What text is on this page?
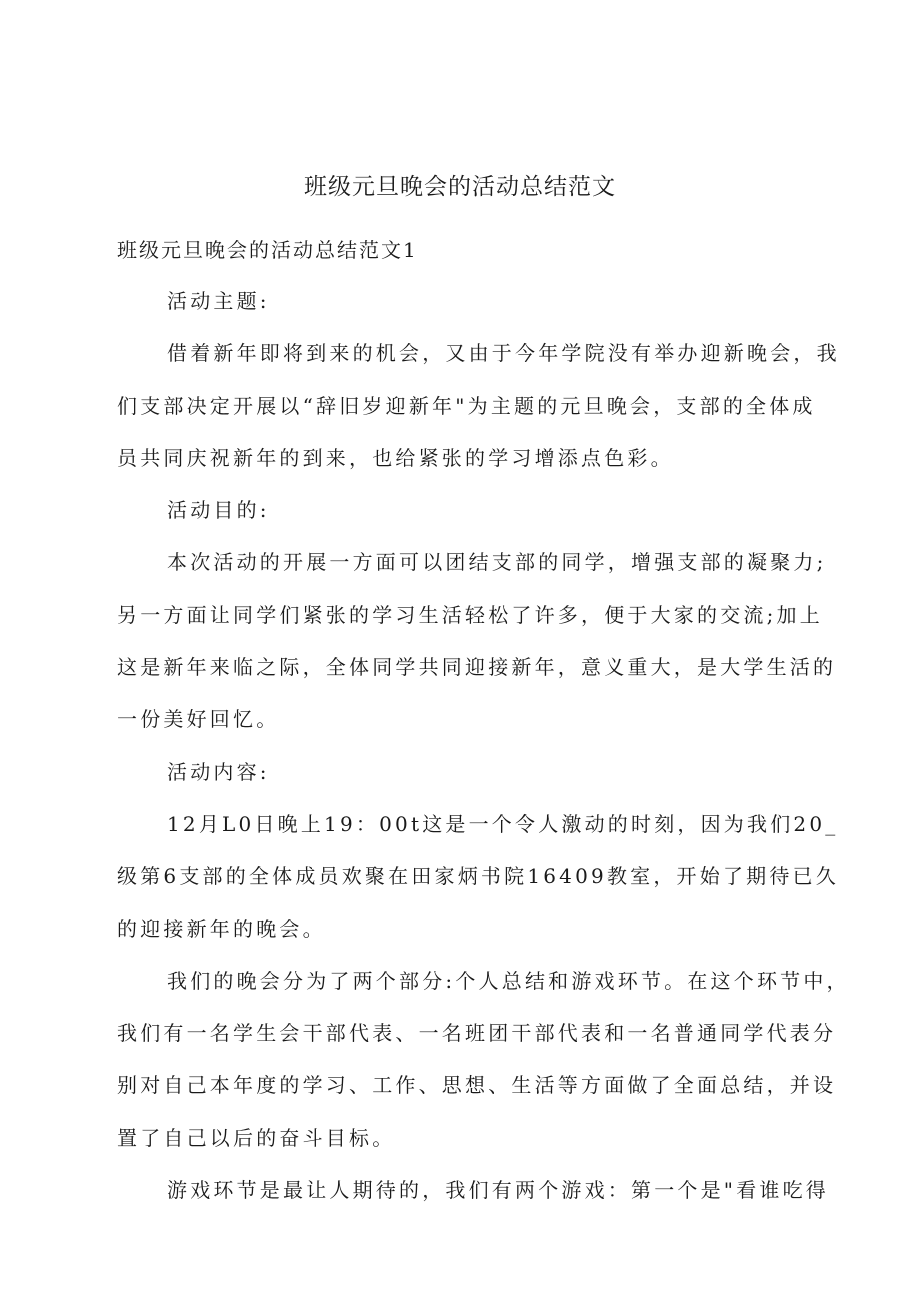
班级元旦晚会的活动总结范文

班级元旦晚会的活动总结范文1

活动主题:
借着新年即将到来的机会，又由于今年学院没有举办迎新晚会，我
们支部决定开展以“辞旧岁迎新年"为主题的元旦晚会，支部的全体成
员共同庆祝新年的到来，也给紧张的学习增添点色彩。
活动目的:
本次活动的开展一方面可以团结支部的同学，增强支部的凝聚力;
另一方面让同学们紧张的学习生活轻松了许多，便于大家的交流;加上
这是新年来临之际，全体同学共同迎接新年，意义重大，是大学生活的
一份美好回忆。
活动内容:
12月L0日晚上19：00t这是一个令人激动的时刻，因为我们20_
级第6支部的全体成员欢聚在田家炳书院16409教室，开始了期待已久
的迎接新年的晚会。
我们的晚会分为了两个部分:个人总结和游戏环节。在这个环节中，
我们有一名学生会干部代表、一名班团干部代表和一名普通同学代表分
别对自己本年度的学习、工作、思想、生活等方面做了全面总结，并设
置了自己以后的奋斗目标。
游戏环节是最让人期待的，我们有两个游戏：第一个是"看谁吃得
